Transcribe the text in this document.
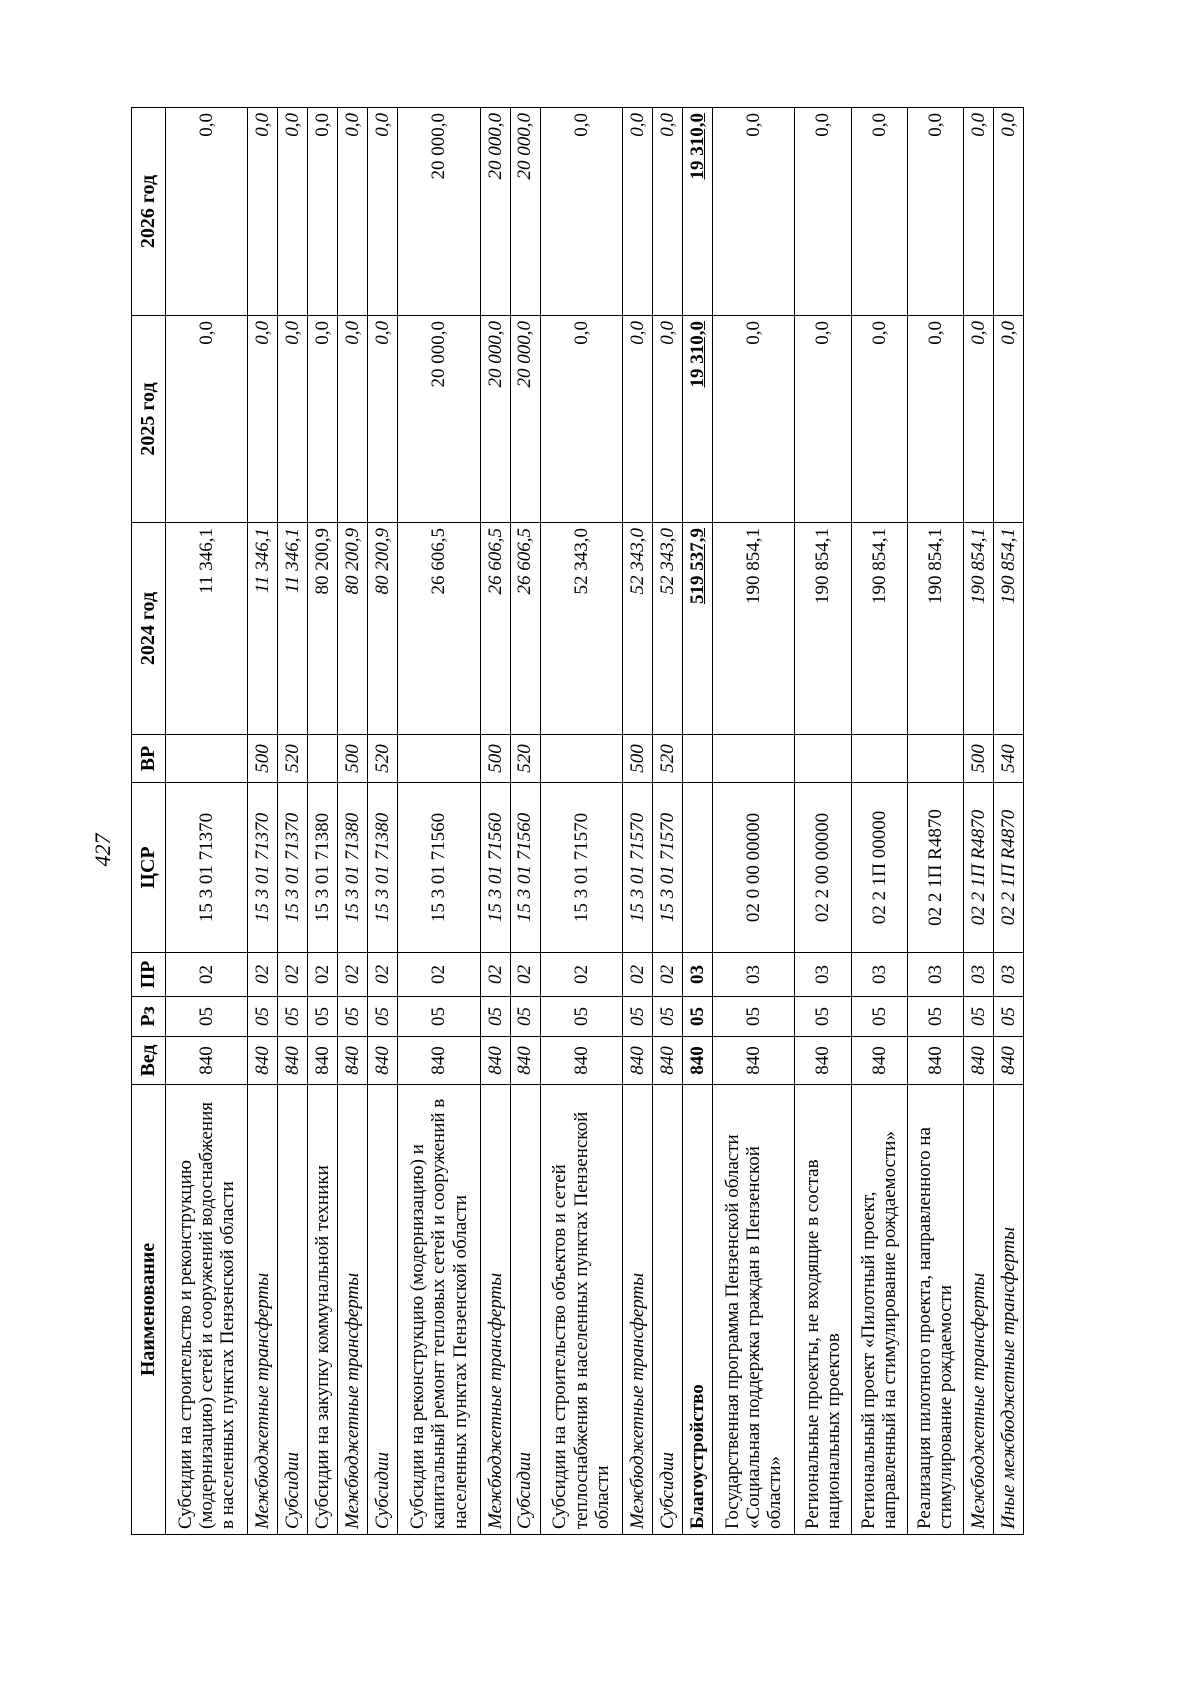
427
Наименование	Вед	Рз	ПР	ЦСР	ВР	2024 год	2025 год	2026 год
Субсидии на строительство и реконструкцию (модернизацию) сетей и сооружений водоснабжения в населенных пунктах Пензенской области	840	05	02	15 3 01 71370		11 346,1	0,0	0,0
Межбюджетные трансферты	840	05	02	15 3 01 71370	500	11 346,1	0,0	0,0
Субсидии	840	05	02	15 3 01 71370	520	11 346,1	0,0	0,0
Субсидии на закупку коммунальной техники	840	05	02	15 3 01 71380		80 200,9	0,0	0,0
Межбюджетные трансферты	840	05	02	15 3 01 71380	500	80 200,9	0,0	0,0
Субсидии	840	05	02	15 3 01 71380	520	80 200,9	0,0	0,0
Субсидии на реконструкцию (модернизацию) и капитальный ремонт тепловых сетей и сооружений в населенных пунктах Пензенской области	840	05	02	15 3 01 71560		26 606,5	20 000,0	20 000,0
Межбюджетные трансферты	840	05	02	15 3 01 71560	500	26 606,5	20 000,0	20 000,0
Субсидии	840	05	02	15 3 01 71560	520	26 606,5	20 000,0	20 000,0
Субсидии на строительство объектов и сетей теплоснабжения в населенных пунктах Пензенской области	840	05	02	15 3 01 71570		52 343,0	0,0	0,0
Межбюджетные трансферты	840	05	02	15 3 01 71570	500	52 343,0	0,0	0,0
Субсидии	840	05	02	15 3 01 71570	520	52 343,0	0,0	0,0
Благоустройство	840	05	03			519 537,9	19 310,0	19 310,0
Государственная программа Пензенской области «Социальная поддержка граждан в Пензенской области»	840	05	03	02 0 00 00000		190 854,1	0,0	0,0
Региональные проекты, не входящие в состав национальных проектов	840	05	03	02 2 00 00000		190 854,1	0,0	0,0
Региональный проект «Пилотный проект, направленный на стимулирование рождаемости»	840	05	03	02 2 1П 00000		190 854,1	0,0	0,0
Реализация пилотного проекта, направленного на стимулирование рождаемости	840	05	03	02 2 1П R4870		190 854,1	0,0	0,0
Межбюджетные трансферты	840	05	03	02 2 1П R4870	500	190 854,1	0,0	0,0
Иные межбюджетные трансферты	840	05	03	02 2 1П R4870	540	190 854,1	0,0	0,0
